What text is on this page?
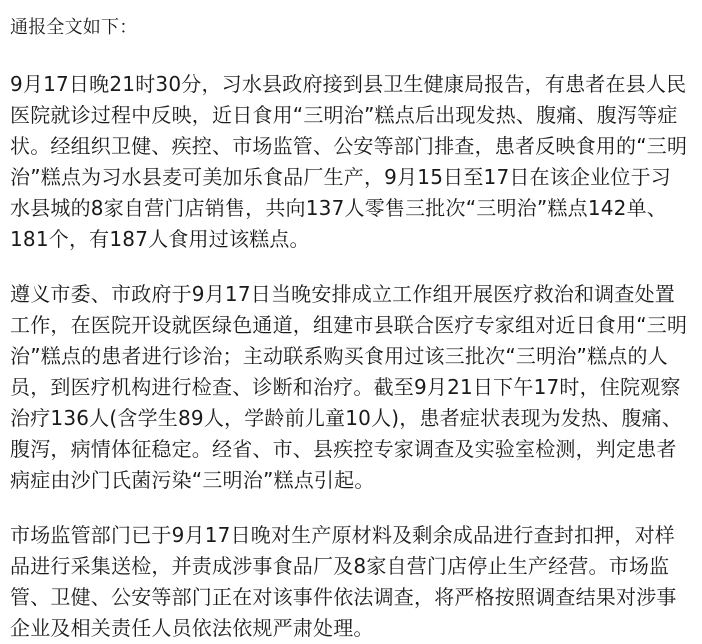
通报全文如下：

9月17日晚21时30分，习水县政府接到县卫生健康局报告，有患者在县人民医院就诊过程中反映，近日食用“三明治”糕点后出现发热、腹痛、腹泻等症状。经组织卫健、疾控、市场监管、公安等部门排查，患者反映食用的“三明治”糕点为习水县麦可美加乐食品厂生产，9月15日至17日在该企业位于习水县城的8家自营门店销售，共向137人零售三批次“三明治”糕点142单、181个，有187人食用过该糕点。

遵义市委、市政府于9月17日当晚安排成立工作组开展医疗救治和调查处置工作，在医院开设就医绿色通道，组建市县联合医疗专家组对近日食用“三明治”糕点的患者进行诊治；主动联系购买食用过该三批次“三明治”糕点的人员，到医疗机构进行检查、诊断和治疗。截至9月21日下午17时，住院观察治疗136人(含学生89人，学龄前儿童10人)，患者症状表现为发热、腹痛、腹泻，病情体征稳定。经省、市、县疾控专家调查及实验室检测，判定患者病症由沙门氏菌污染“三明治”糕点引起。

市场监管部门已于9月17日晚对生产原材料及剩余成品进行查封扣押，对样品进行采集送检，并责成涉事食品厂及8家自营门店停止生产经营。市场监管、卫健、公安等部门正在对该事件依法调查，将严格按照调查结果对涉事企业及相关责任人员依法依规严肃处理。
